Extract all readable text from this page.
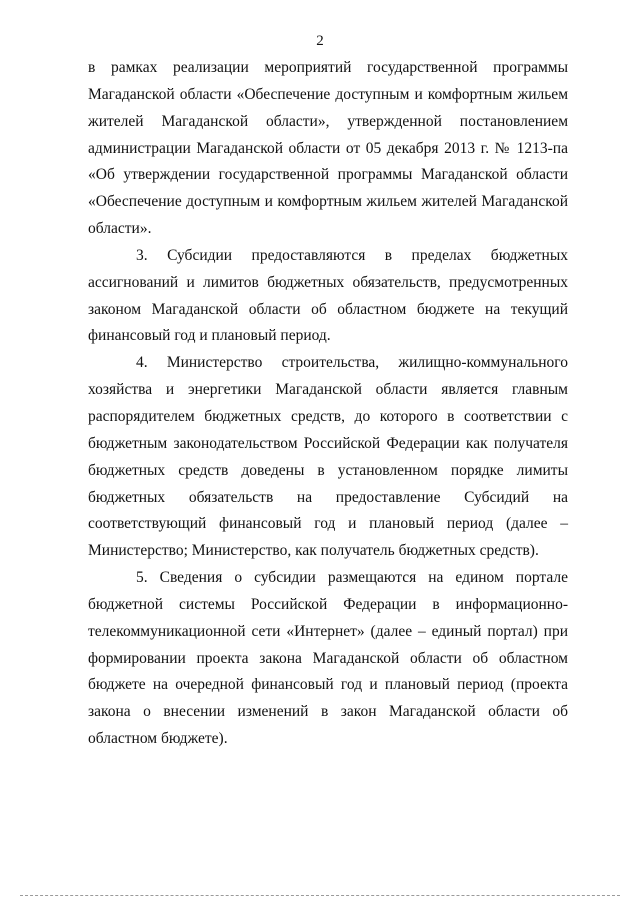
2

в рамках реализации мероприятий государственной программы Магаданской области «Обеспечение доступным и комфортным жильем жителей Магаданской области», утвержденной постановлением администрации Магаданской области от 05 декабря 2013 г. № 1213-па «Об утверждении государственной программы Магаданской области «Обеспечение доступным и комфортным жильем жителей Магаданской области».

3. Субсидии предоставляются в пределах бюджетных ассигнований и лимитов бюджетных обязательств, предусмотренных законом Магаданской области об областном бюджете на текущий финансовый год и плановый период.

4. Министерство строительства, жилищно-коммунального хозяйства и энергетики Магаданской области является главным распорядителем бюджетных средств, до которого в соответствии с бюджетным законодательством Российской Федерации как получателя бюджетных средств доведены в установленном порядке лимиты бюджетных обязательств на предоставление Субсидий на соответствующий финансовый год и плановый период (далее – Министерство; Министерство, как получатель бюджетных средств).

5. Сведения о субсидии размещаются на едином портале бюджетной системы Российской Федерации в информационно-телекоммуникационной сети «Интернет» (далее – единый портал) при формировании проекта закона Магаданской области об областном бюджете на очередной финансовый год и плановый период (проекта закона о внесении изменений в закон Магаданской области об областном бюджете).
